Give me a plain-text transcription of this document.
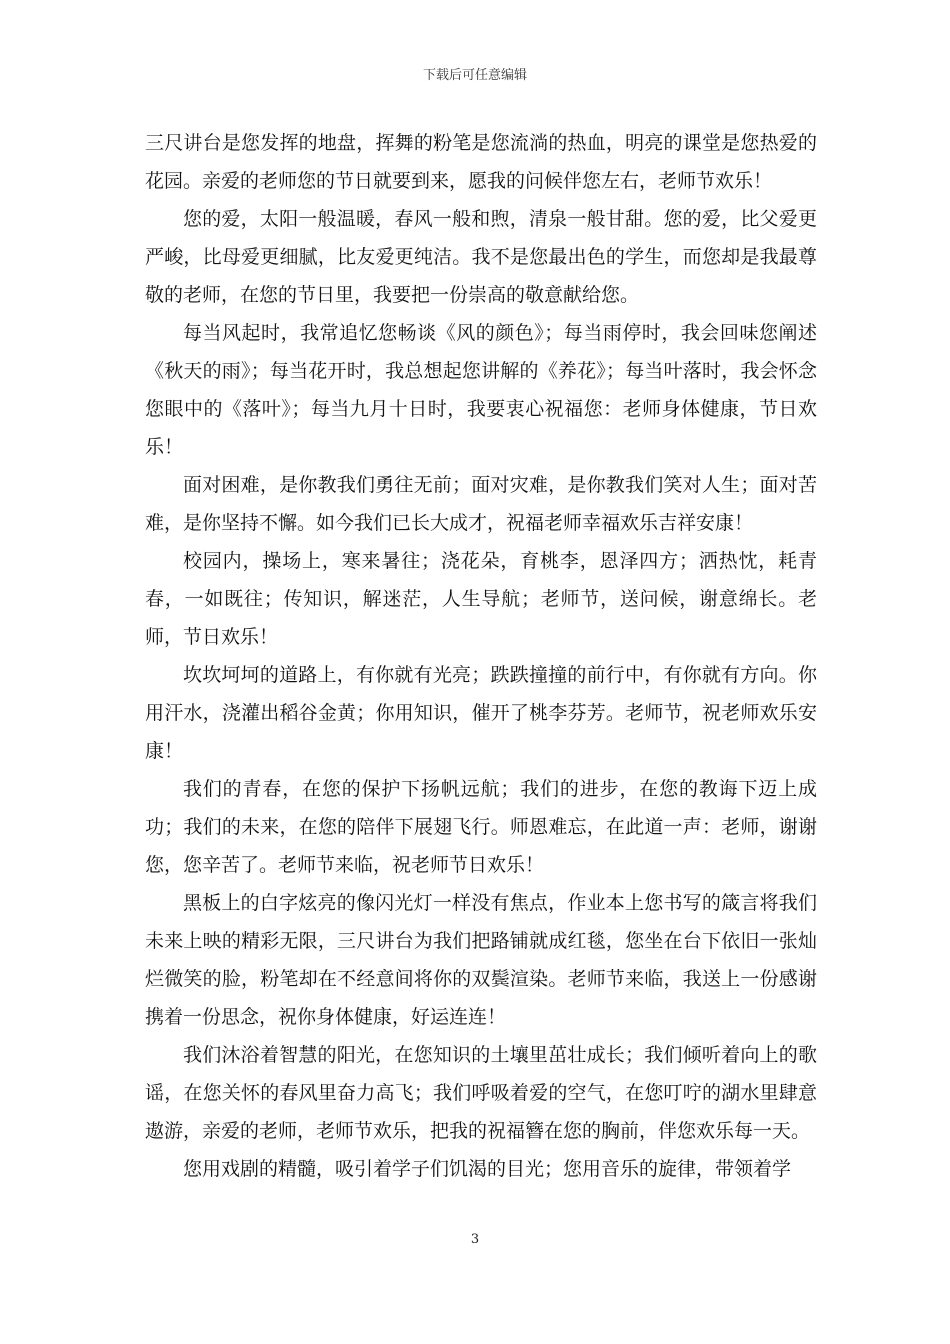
下载后可任意编辑

三尺讲台是您发挥的地盘，挥舞的粉笔是您流淌的热血，明亮的课堂是您热爱的花园。亲爱的老师您的节日就要到来，愿我的问候伴您左右，老师节欢乐！

您的爱，太阳一般温暖，春风一般和煦，清泉一般甘甜。您的爱，比父爱更严峻，比母爱更细腻，比友爱更纯洁。我不是您最出色的学生，而您却是我最尊敬的老师，在您的节日里，我要把一份崇高的敬意献给您。

每当风起时，我常追忆您畅谈《风的颜色》；每当雨停时，我会回味您阐述《秋天的雨》；每当花开时，我总想起您讲解的《养花》；每当叶落时，我会怀念您眼中的《落叶》；每当九月十日时，我要衷心祝福您：老师身体健康，节日欢乐！

面对困难，是你教我们勇往无前；面对灾难，是你教我们笑对人生；面对苦难，是你坚持不懈。如今我们已长大成才，祝福老师幸福欢乐吉祥安康！

校园内，操场上，寒来暑往；浇花朵，育桃李，恩泽四方；洒热忱，耗青春，一如既往；传知识，解迷茫，人生导航；老师节，送问候，谢意绵长。老师，节日欢乐！

坎坎坷坷的道路上，有你就有光亮；跌跌撞撞的前行中，有你就有方向。你用汗水，浇灌出稻谷金黄；你用知识，催开了桃李芬芳。老师节，祝老师欢乐安康！

我们的青春，在您的保护下扬帆远航；我们的进步，在您的教诲下迈上成功；我们的未来，在您的陪伴下展翅飞行。师恩难忘，在此道一声：老师，谢谢您，您辛苦了。老师节来临，祝老师节日欢乐！

黑板上的白字炫亮的像闪光灯一样没有焦点，作业本上您书写的箴言将我们未来上映的精彩无限，三尺讲台为我们把路铺就成红毯，您坐在台下依旧一张灿烂微笑的脸，粉笔却在不经意间将你的双鬓渲染。老师节来临，我送上一份感谢携着一份思念，祝你身体健康，好运连连！

我们沐浴着智慧的阳光，在您知识的土壤里茁壮成长；我们倾听着向上的歌谣，在您关怀的春风里奋力高飞；我们呼吸着爱的空气，在您叮咛的湖水里肆意遨游，亲爱的老师，老师节欢乐，把我的祝福簪在您的胸前，伴您欢乐每一天。

您用戏剧的精髓，吸引着学子们饥渴的目光；您用音乐的旋律，带领着学

3
